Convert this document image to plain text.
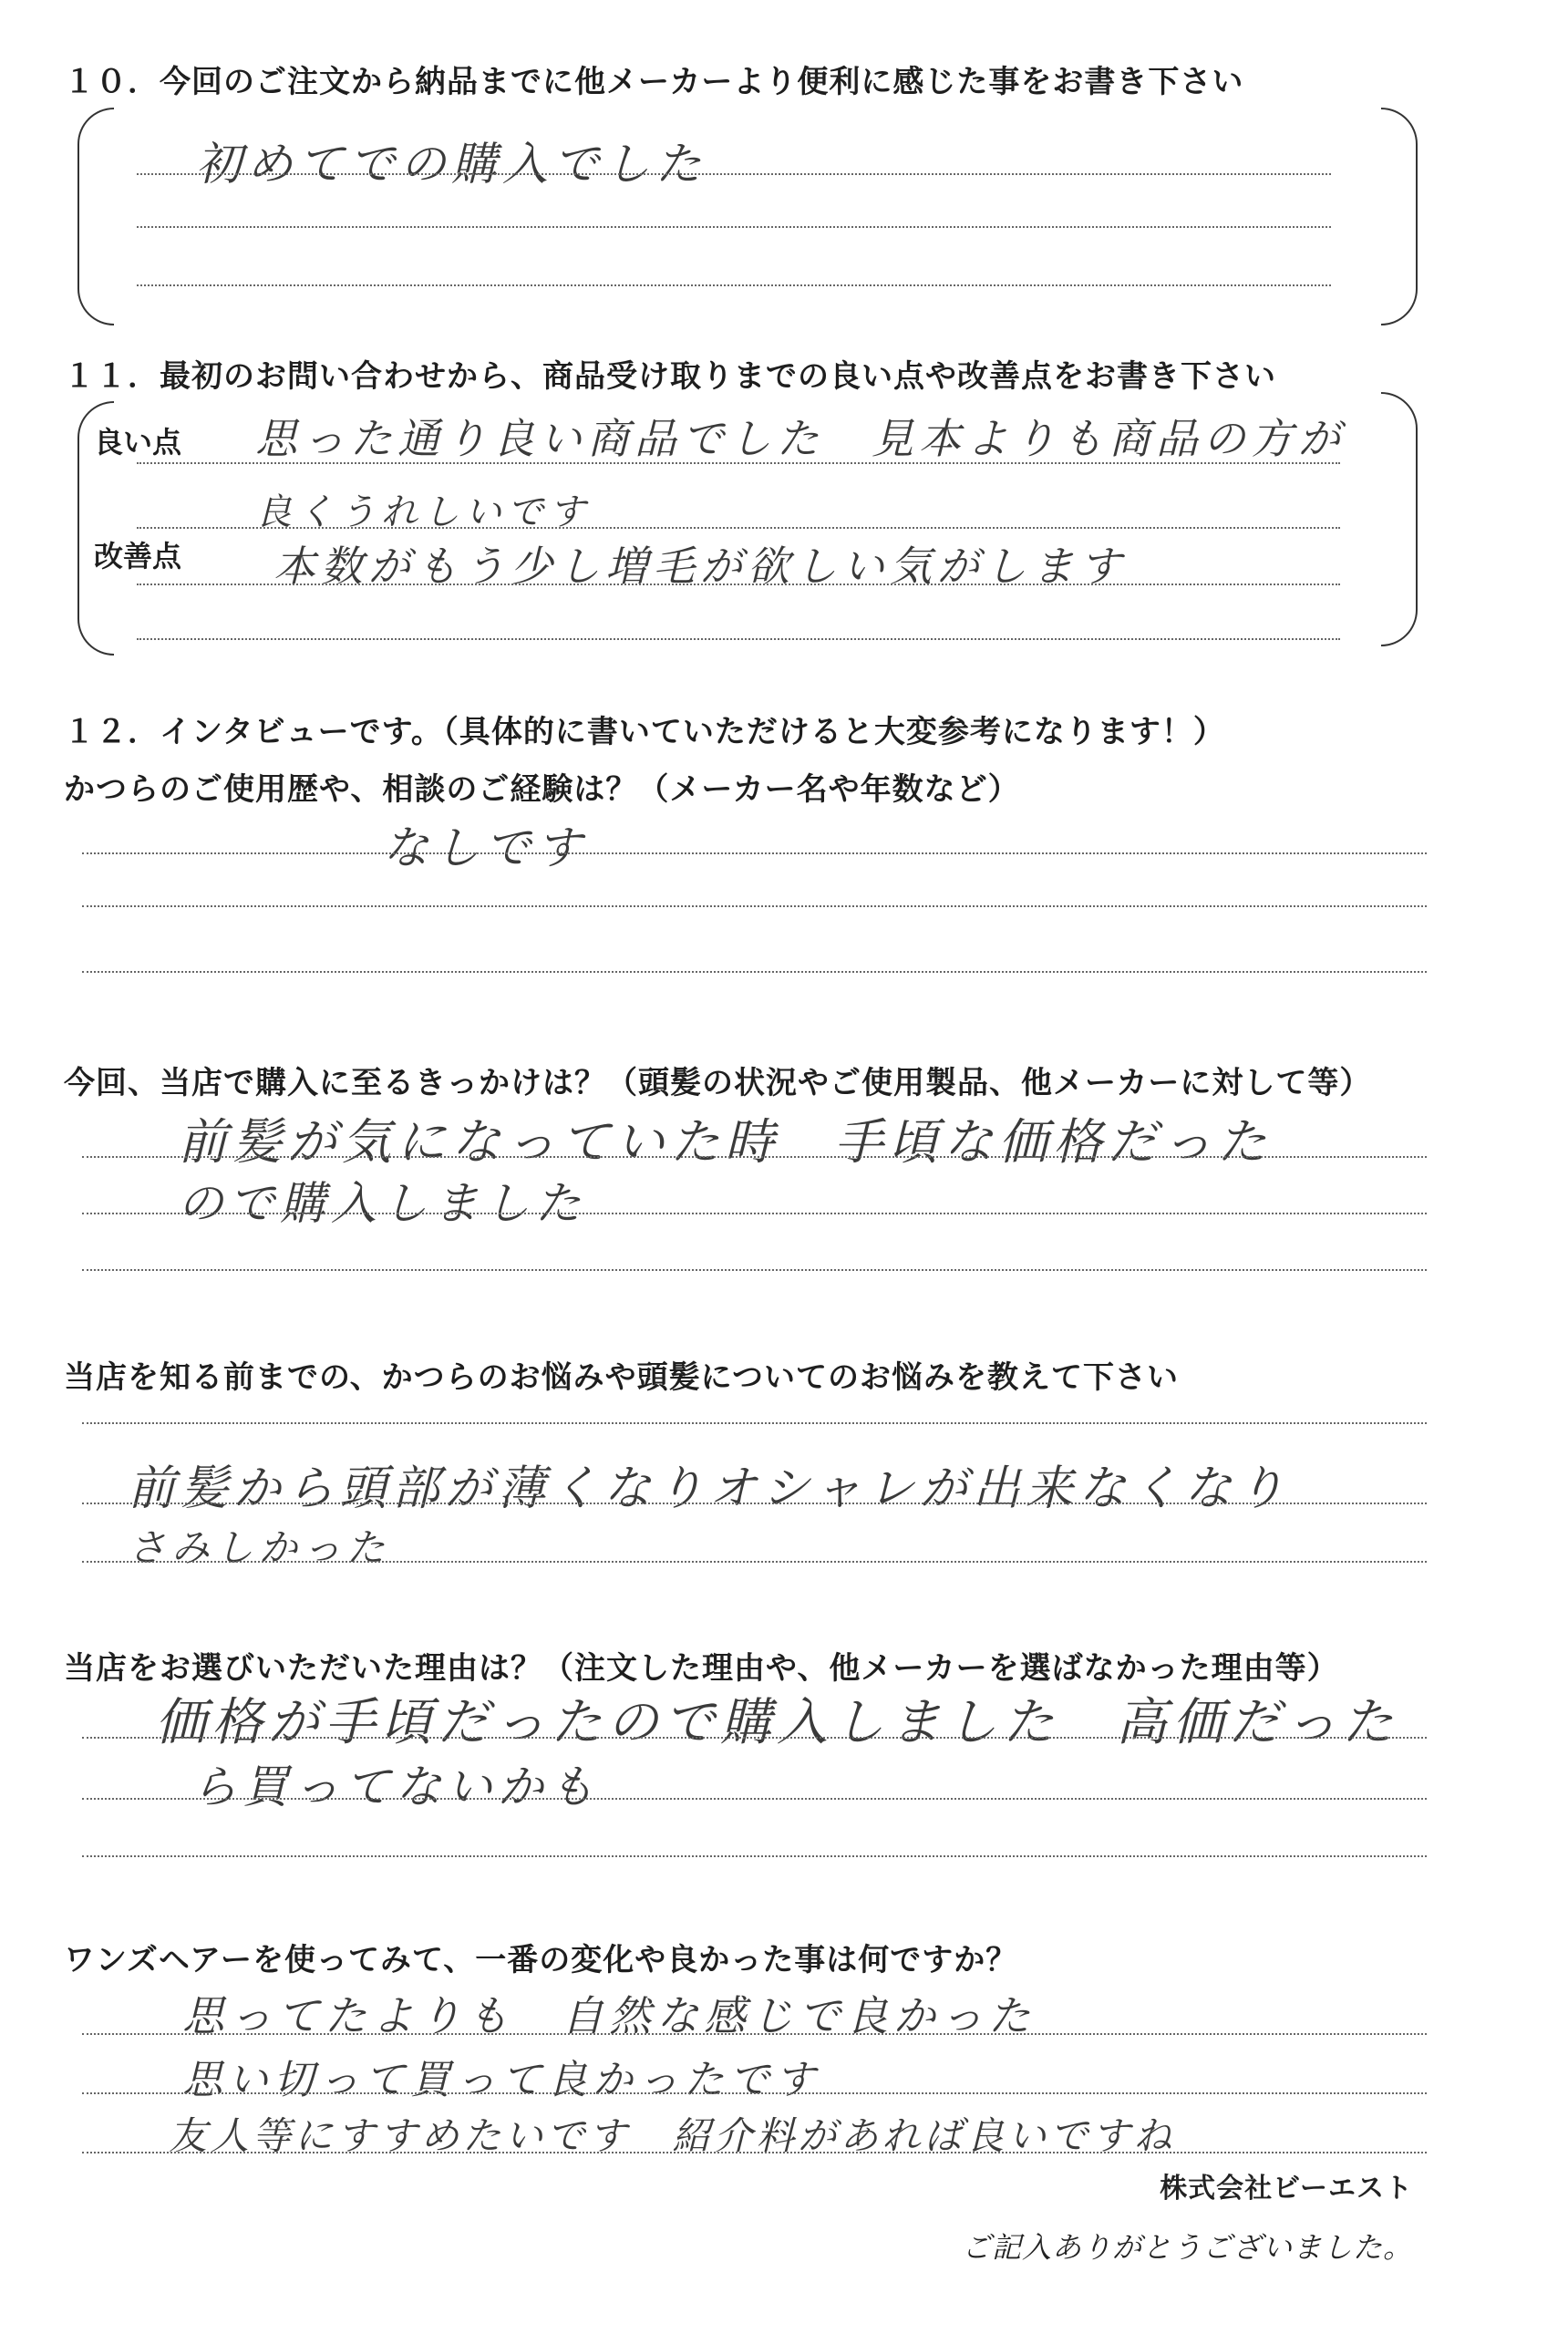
１０．今回のご注文から納品までに他メーカーより便利に感じた事をお書き下さい
初めてでの購入でした
１１．最初のお問い合わせから、商品受け取りまでの良い点や改善点をお書き下さい
良い点 思った通り良い商品でした　見本よりも商品の方が
良くうれしいです
改善点 本数がもう少し増毛が欲しい気がします
１２．インタビューです。（具体的に書いていただけると大変参考になります！）
かつらのご使用歴や、相談のご経験は？（メーカー名や年数など）
なしです
今回、当店で購入に至るきっかけは？（頭髪の状況やご使用製品、他メーカーに対して等）
前髪が気になっていた時　手頃な価格だった
ので購入しました
当店を知る前までの、かつらのお悩みや頭髪についてのお悩みを教えて下さい
前髪から頭部が薄くなりオシャレが出来なくなり
さみしかった
当店をお選びいただいた理由は？（注文した理由や、他メーカーを選ばなかった理由等）
価格が手頃だったので購入しました　高価だった
ら買ってないかも
ワンズヘアーを使ってみて、一番の変化や良かった事は何ですか？
思ってたよりも　自然な感じで良かった
思い切って買って良かったです
友人等にすすめたいです　紹介料があれば良いですね
株式会社ビーエスト
ご記入ありがとうございました。
